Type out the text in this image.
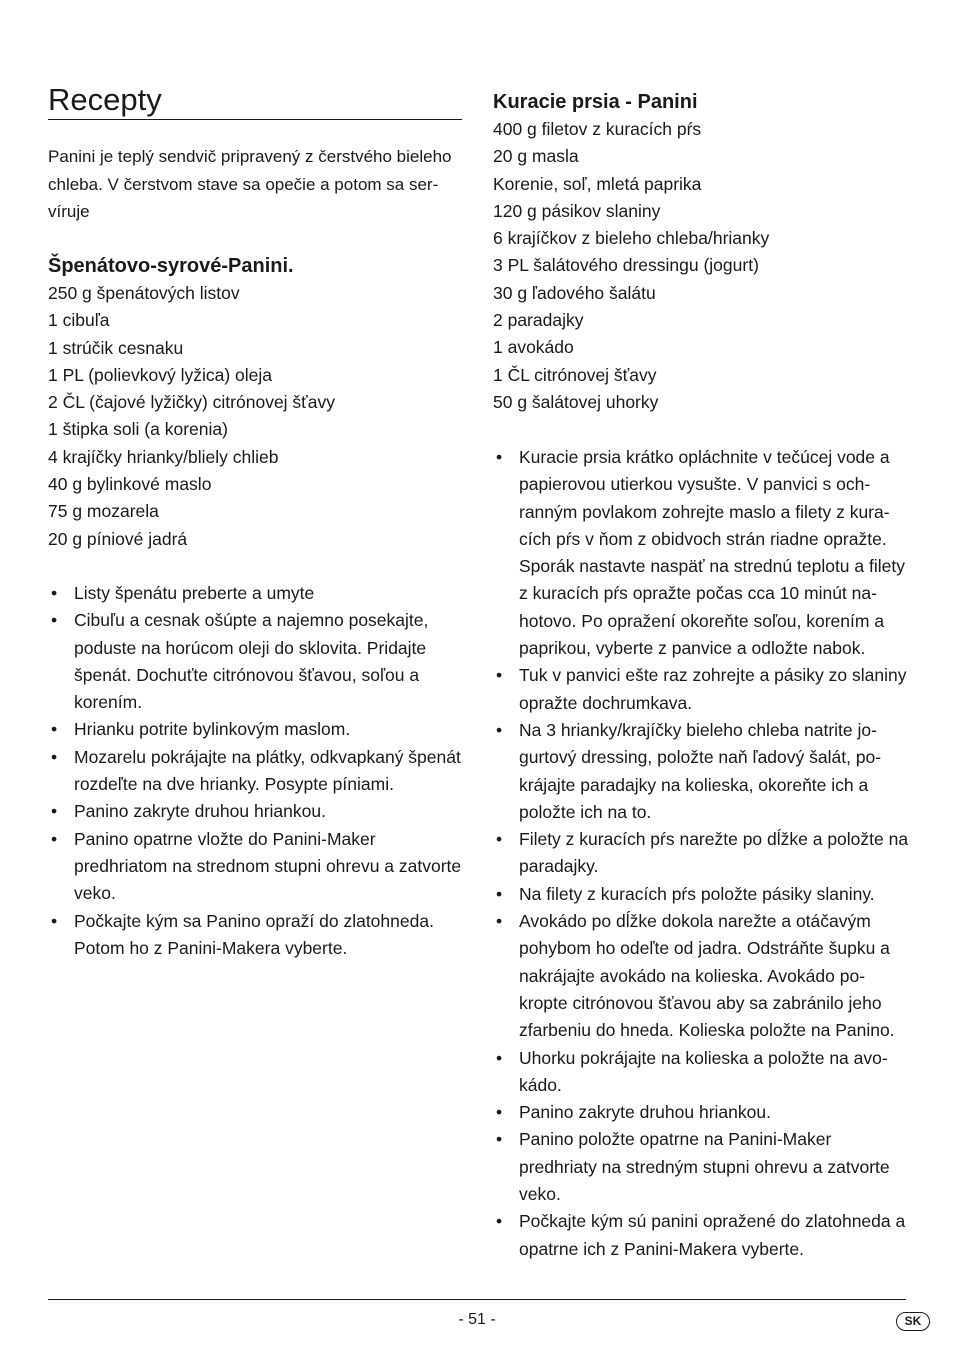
Recepty

Panini je teplý sendvič pripravený z čerstvého bieleho chleba. V čerstvom stave sa opečie a potom sa ser-víruje

Špenátovo-syrové-Panini.
250 g špenátových listov
1 cibuľa
1 strúčik cesnaku
1 PL (polievkový lyžica) oleja
2 ČL (čajové lyžičky) citrónovej šťavy
1 štipka soli (a korenia)
4 krajíčky hrianky/bliely chlieb
40 g bylinkové maslo
75 g mozarela
20 g píniové jadrá
• Listy špenátu preberte a umyte
• Cibuľu a cesnak ošúpte a najemno posekajte, poduste na horúcom oleji do sklovita. Pridajte špenát. Dochuťte citrónovou šťavou, soľou a korením.
• Hrianku potrite bylinkovým maslom.
• Mozarelu pokrájajte na plátky, odkvapkaný špenát rozdeľte na dve hrianky. Posypte píniami.
• Panino zakryte druhou hriankou.
• Panino opatrne vložte do Panini-Maker predhriatom na strednom stupni ohrevu a zatvorte veko.
• Počkajte kým sa Panino opraží do zlatohneda. Potom ho z Panini-Makera vyberte.
Kuracie prsia - Panini
400 g filetov z kuracích pŕs
20 g masla
Korenie, soľ, mletá paprika
120 g pásikov slaniny
6 krajíčkov z bieleho chleba/hrianky
3 PL šalátového dressingu (jogurt)
30 g ľadového šalátu
2 paradajky
1 avokádo
1 ČL citrónovej šťavy
50 g šalátovej uhorky
• Kuracie prsia krátko opláchnite v tečúcej vode a papierovou utierkou vysušte. V panvici s och-ranným povlakom zohrejte maslo a filety z kura-cích pŕs v ňom z obidvoch strán riadne opražte. Sporák nastavte naspäť na strednú teplotu a filety z kuracích pŕs opražte počas cca 10 minút na-hotovo. Po opražení okoreňte soľou, korením a paprikou, vyberte z panvice a odložte nabok.
• Tuk v panvici ešte raz zohrejte a pásiky zo slaniny opražte dochrumkava.
• Na 3 hrianky/krajíčky bieleho chleba natrite jo-gurtový dressing, položte naň ľadový šalát, po-krájajte paradajky na kolieska, okoreňte ich a položte ich na to.
• Filety z kuracích pŕs narežte po dĺžke a položte na paradajky.
• Na filety z kuracích pŕs položte pásiky slaniny.
• Avokádo po dĺžke dokola narežte a otáčavým pohybom ho odeľte od jadra. Odstráňte šupku a nakrájajte avokádo na kolieska. Avokádo po-kropte citrónovou šťavou aby sa zabránilo jeho zfarbeniu do hneda. Kolieska položte na Panino.
• Uhorku pokrájajte na kolieska a položte na avo-kádo.
• Panino zakryte druhou hriankou.
• Panino položte opatrne na Panini-Maker predhriaty na stredným stupni ohrevu a zatvorte veko.
• Počkajte kým sú panini opražené do zlatohneda a opatrne ich z Panini-Makera vyberte.
- 51 -	SK
